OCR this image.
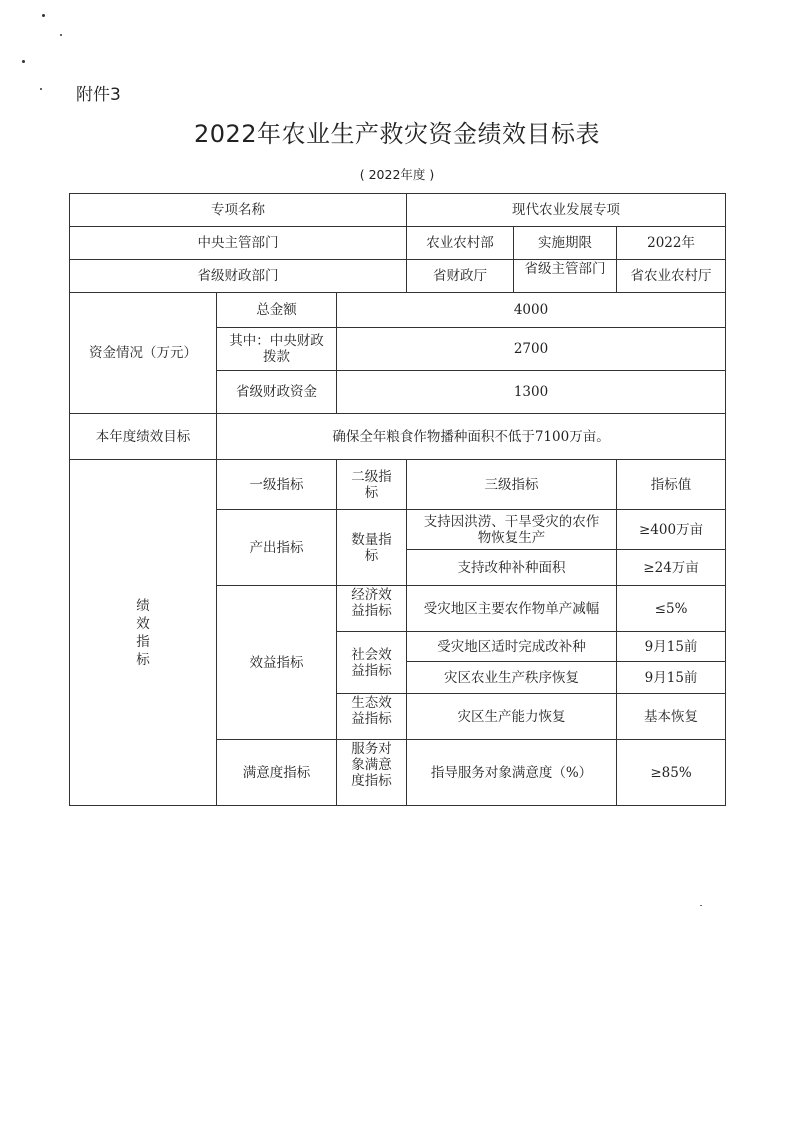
附件3
2022年农业生产救灾资金绩效目标表
( 2022年度 )
专项名称			现代农业发展专项		
中央主管部门			农业农村部	实施期限	2022年
省级财政部门			省财政厅	省级主管部门	省农业农村厅
资金情况（万元）	总金额	4000			
	其中：中央财政拨款	2700			
	省级财政资金	1300			
本年度绩效目标	确保全年粮食作物播种面积不低于7100万亩。				
绩效指标	一级指标	二级指标	三级指标		指标值
	产出指标	数量指标	支持因洪涝、干旱受灾的农作物恢复生产		≥400万亩
			支持改种补种面积		≥24万亩
	效益指标	经济效益指标	受灾地区主要农作物单产减幅		≤5%
		社会效益指标	受灾地区适时完成改补种		9月15前
			灾区农业生产秩序恢复		9月15前

		生态效益指标	灾区生产能力恢复		基本恢复
	满意度指标	服务对象满意度指标	指导服务对象满意度（%）		≥85%
